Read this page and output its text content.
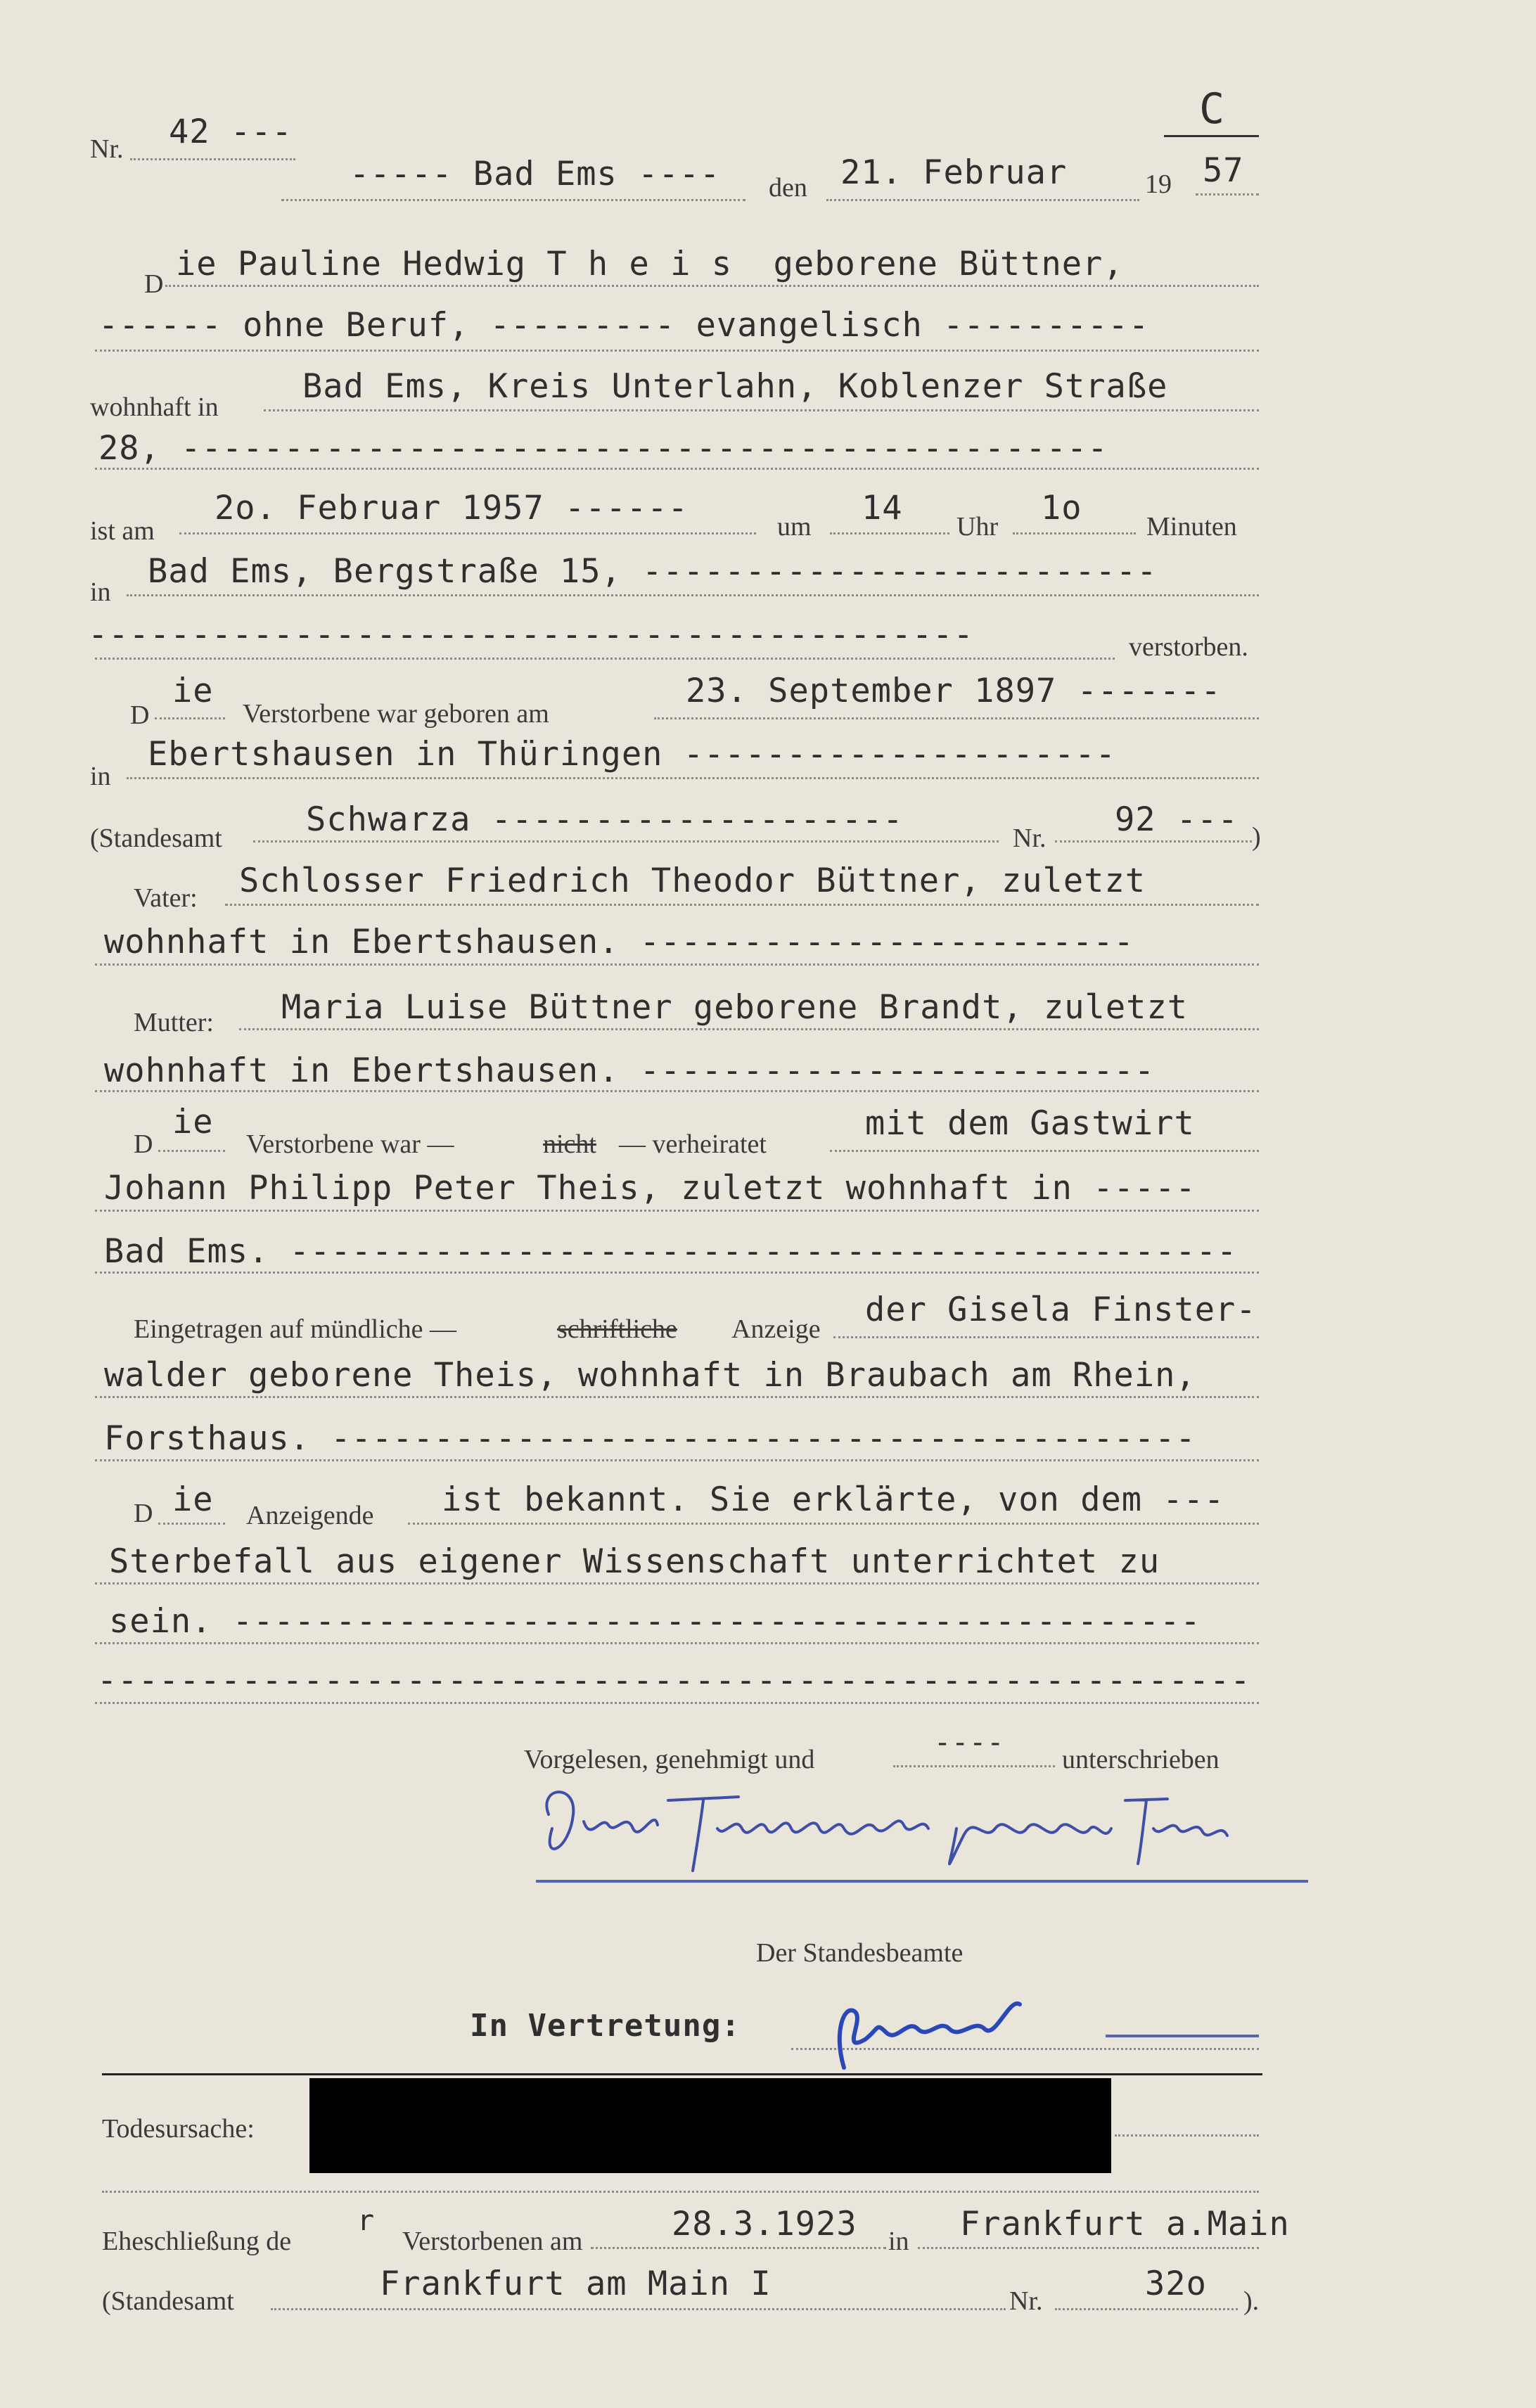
Nr. 42 ---	C
----- Bad Ems ---- den 21. Februar	19 57
D
ie Pauline Hedwig T h e i s  geborene Büttner,
------ ohne Beruf, --------- evangelisch ----------
wohnhaft in
Bad Ems, Kreis Unterlahn, Koblenzer Straße
28, ---------------------------------------------
ist am
2o. Februar 1957 ------	um 14 Uhr 1o Minuten
in
Bad Ems, Bergstraße 15, -------------------------
-------------------------------------------	verstorben.
D
ie
Verstorbene war geboren am
23. September 1897 -------
in
Ebertshausen in Thüringen ---------------------
(Standesamt	Schwarza --------------------	Nr. 92 --- )
Vater: Schlosser Friedrich Theodor Büttner, zuletzt
wohnhaft in Ebertshausen. ------------------------
Mutter: Maria Luise Büttner geborene Brandt, zuletzt
wohnhaft in Ebertshausen. -------------------------
D
ie
Verstorbene war —	nicht — verheiratet
mit dem Gastwirt
Johann Philipp Peter Theis, zuletzt wohnhaft in -----
Bad Ems. ----------------------------------------------
Eingetragen auf mündliche —	schriftliche Anzeige der Gisela Finster-
walder geborene Theis, wohnhaft in Braubach am Rhein,
Forsthaus. ------------------------------------------
D ie Anzeigende ist bekannt. Sie erklärte, von dem ---
Sterbefall aus eigener Wissenschaft unterrichtet zu
sein. -----------------------------------------------
--------------------------------------------------------
Vorgelesen, genehmigt und
----
unterschrieben
Der Standesbeamte
In Vertretung:
Todesursache:
Eheschließung de
r
Verstorbenen am	28.3.1923 in Frankfurt a.Main
(Standesamt	Frankfurt am Main I	Nr.	32o ).
